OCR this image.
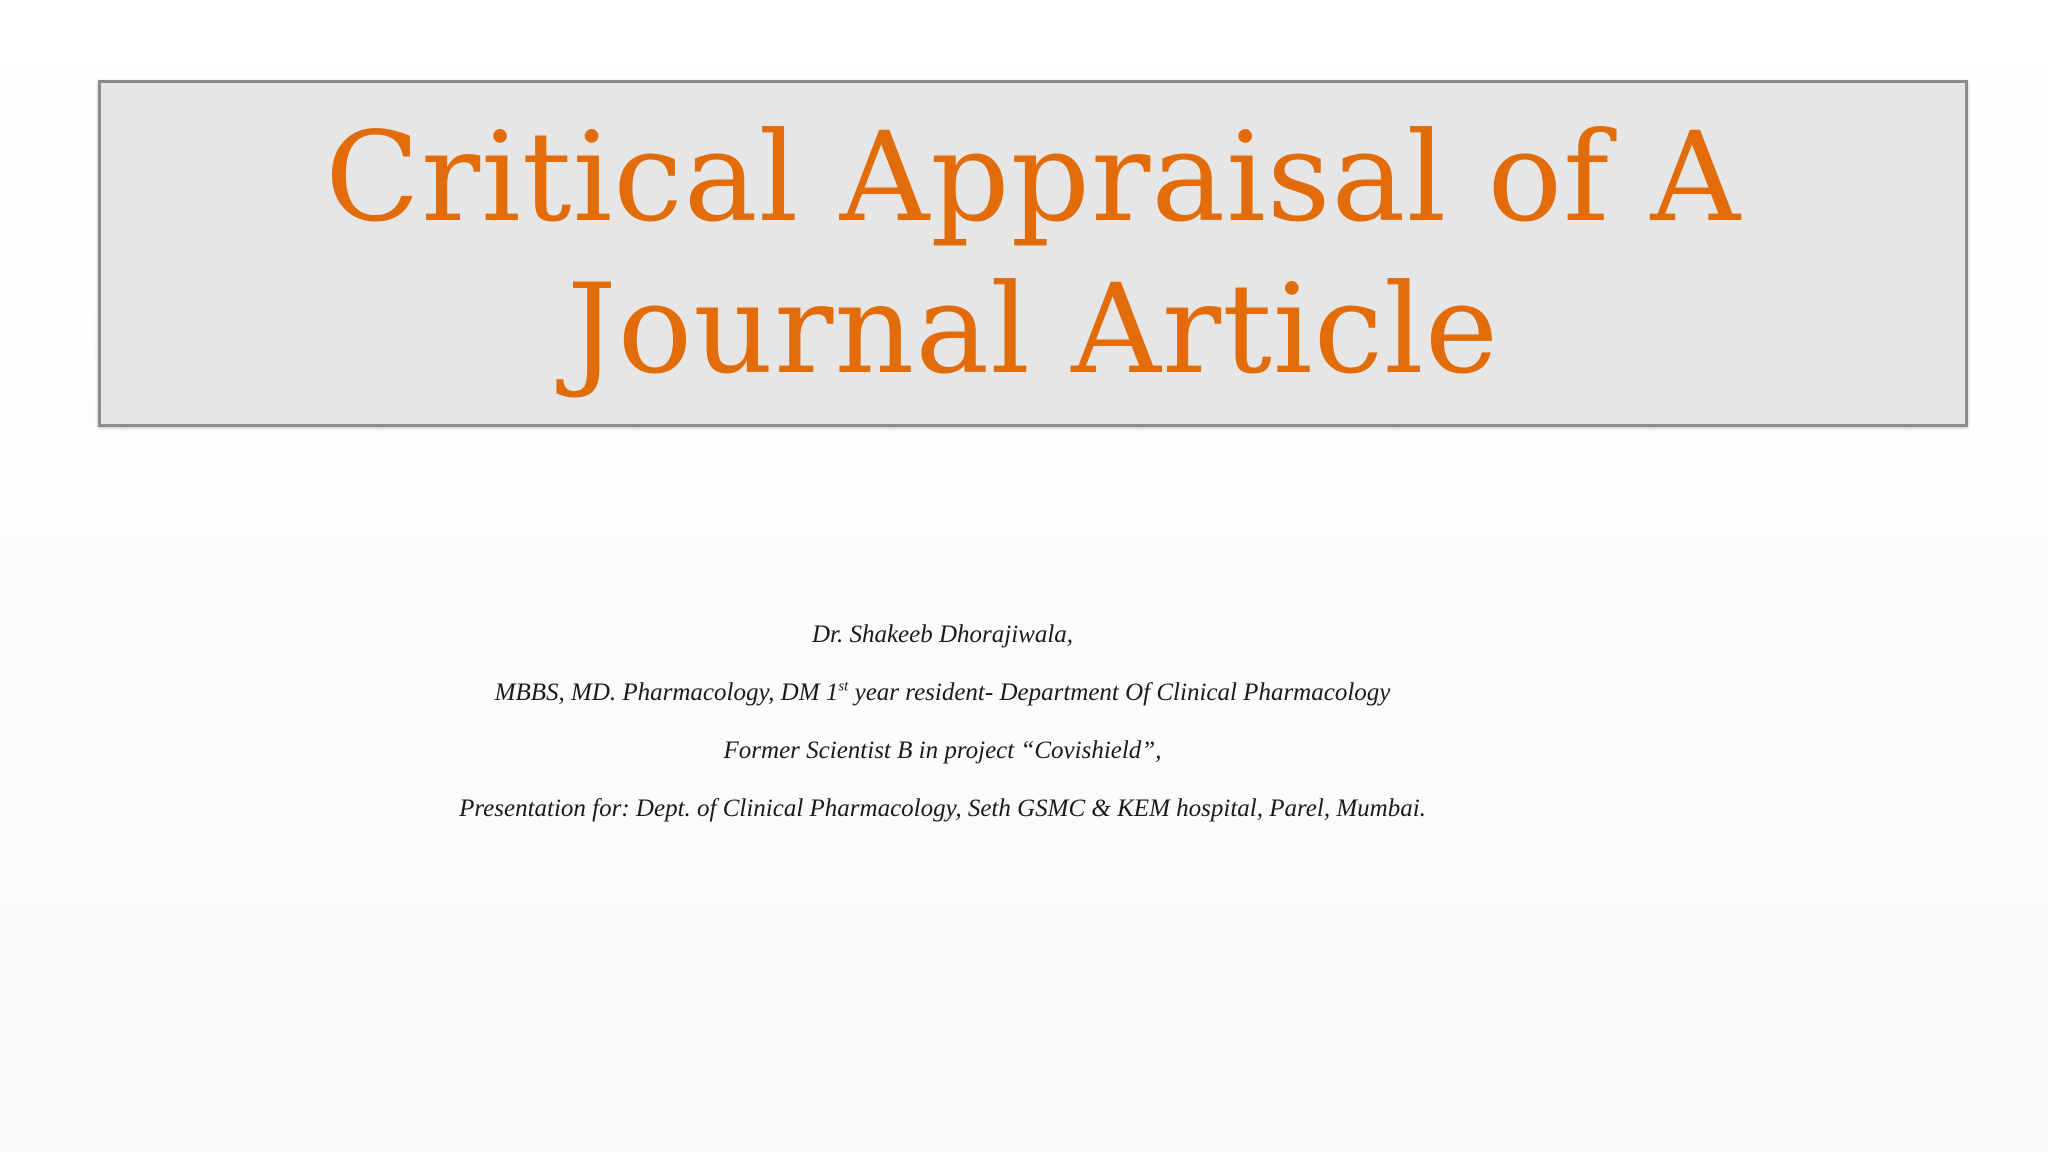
Critical Appraisal of A Journal Article

Dr. Shakeeb Dhorajiwala,

MBBS, MD. Pharmacology, DM 1st year resident- Department Of Clinical Pharmacology

Former Scientist B in project “Covishield”,

Presentation for: Dept. of Clinical Pharmacology, Seth GSMC & KEM hospital, Parel, Mumbai.
